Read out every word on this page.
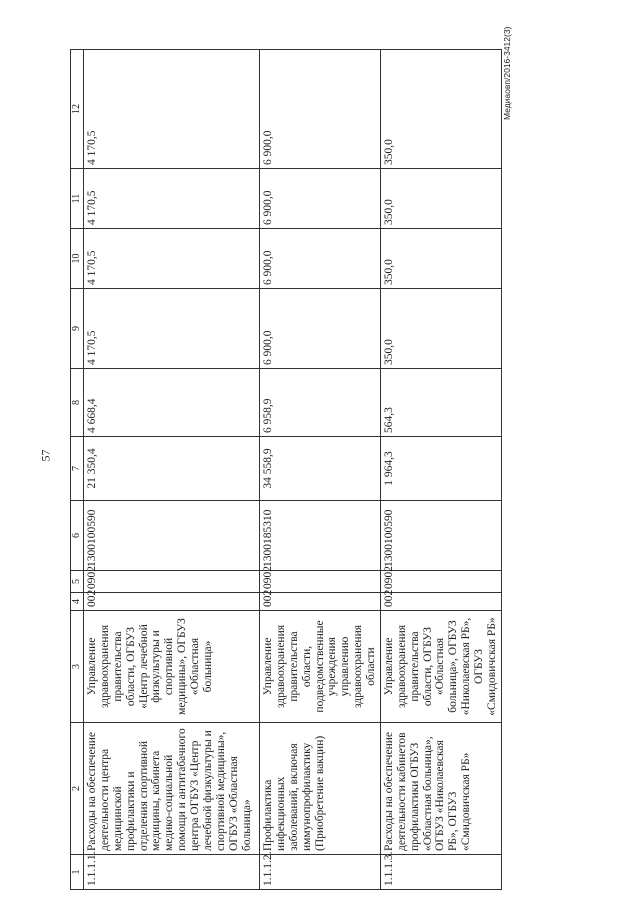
57
Медиаовп/2016-3412(3)
1	2	3	4	5	6	7	8	9	10	11	12
1.1.1.1.	Расходы на обеспечение деятельности центра медицинской профилактики и отделения спортивной медицины, кабинета медико-социальной помощи и антитабачного центра ОГБУЗ «Центр лечебной физкультуры и спортивной медицины», ОГБУЗ «Областная больница»	Управление здравоохранения правительства области, ОГБУЗ «Центр лечебной физкультуры и спортивной медицины», ОГБУЗ «Областная больница»	002	0902	1300100590	21 350,4	4 668,4	4 170,5	4 170,5	4 170,5	4 170,5
1.1.1.2.	Профилактика инфекционных заболеваний, включая иммунопрофилактику (Приобретение вакцин)	Управление здравоохранения правительства области, подведомственные учреждения управлению здравоохранения области	002	0902	1300185310	34 558,9	6 958,9	6 900,0	6 900,0	6 900,0	6 900,0
1.1.1.3.	Расходы на обеспечение деятельности кабинетов профилактики ОГБУЗ «Областная больница», ОГБУЗ «Николаевская РБ», ОГБУЗ «Смидовичская РБ»	Управление здравоохранения правительства области, ОГБУЗ «Областная больница», ОГБУЗ «Николаевская РБ», ОГБУЗ «Смидовичская РБ»	002	0902	1300100590	1 964,3	564,3	350,0	350,0	350,0	350,0
